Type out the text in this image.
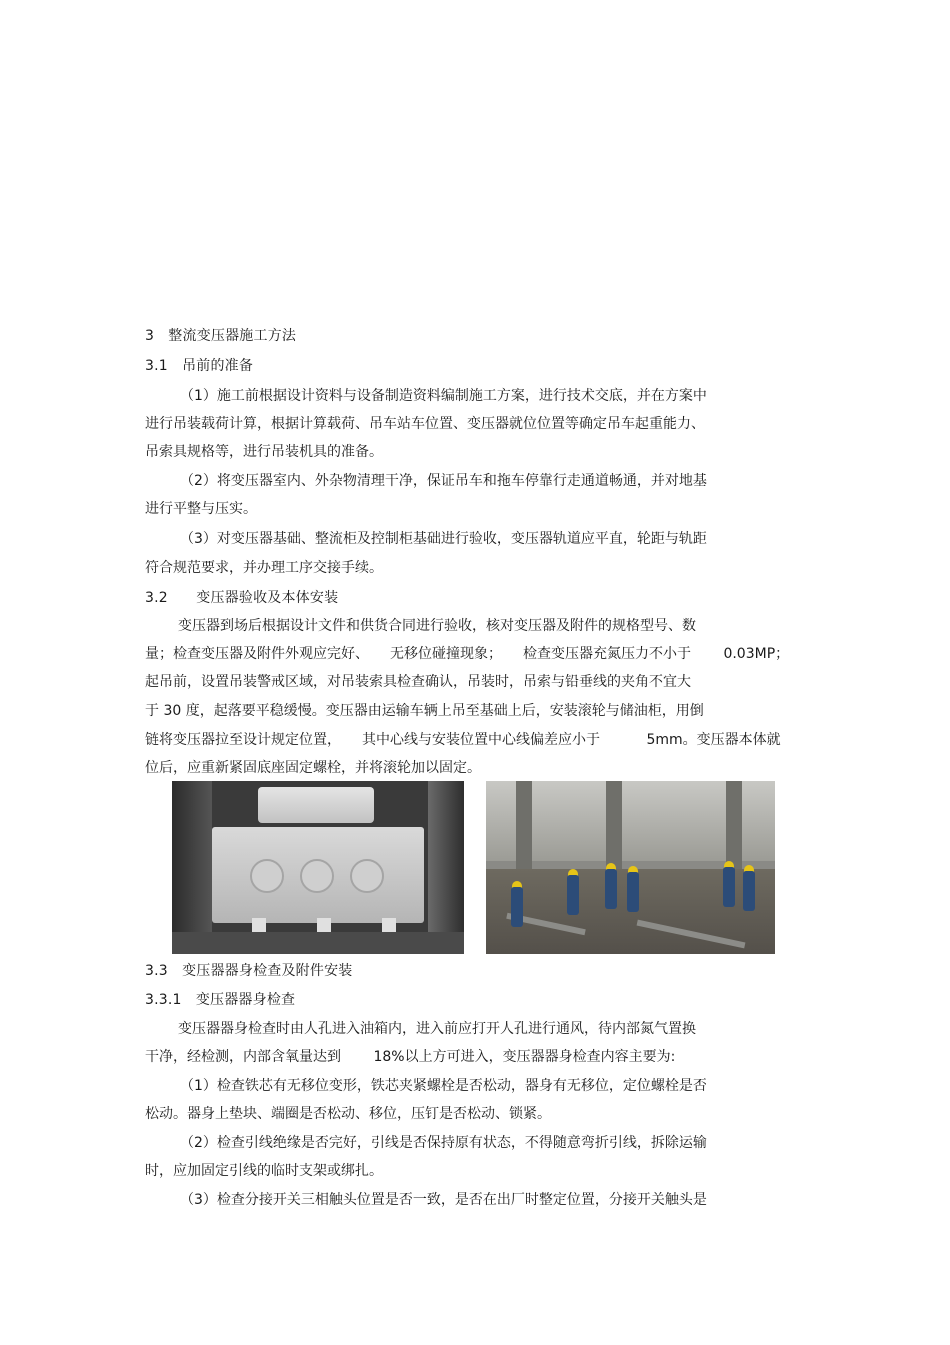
3　整流变压器施工方法
3.1　吊前的准备
（1）施工前根据设计资料与设备制造资料编制施工方案，进行技术交底，并在方案中
进行吊装载荷计算，根据计算载荷、吊车站车位置、变压器就位位置等确定吊车起重能力、
吊索具规格等，进行吊装机具的准备。
（2）将变压器室内、外杂物清理干净，保证吊车和拖车停靠行走通道畅通，并对地基
进行平整与压实。
（3）对变压器基础、整流柜及控制柜基础进行验收，变压器轨道应平直，轮距与轨距
符合规范要求，并办理工序交接手续。
3.2　　变压器验收及本体安装
变压器到场后根据设计文件和供货合同进行验收，核对变压器及附件的规格型号、数
量；检查变压器及附件外观应完好、　　无移位碰撞现象；　　检查变压器充氮压力不小于　　 0.03MP；
起吊前，设置吊装警戒区域，对吊装索具检查确认，吊装时，吊索与铅垂线的夹角不宜大
于 30 度，起落要平稳缓慢。变压器由运输车辆上吊至基础上后，安装滚轮与储油柜，用倒
链将变压器拉至设计规定位置，　　其中心线与安装位置中心线偏差应小于　　　 5mm。变压器本体就
位后，应重新紧固底座固定螺栓，并将滚轮加以固定。
3.3　变压器器身检查及附件安装
3.3.1　变压器器身检查
变压器器身检查时由人孔进入油箱内，进入前应打开人孔进行通风，待内部氮气置换
干净，经检测，内部含氧量达到　　 18%以上方可进入，变压器器身检查内容主要为:
（1）检查铁芯有无移位变形，铁芯夹紧螺栓是否松动，器身有无移位，定位螺栓是否
松动。器身上垫块、端圈是否松动、移位，压钉是否松动、锁紧。
（2）检查引线绝缘是否完好，引线是否保持原有状态，不得随意弯折引线，拆除运输
时，应加固定引线的临时支架或绑扎。
（3）检查分接开关三相触头位置是否一致，是否在出厂时整定位置，分接开关触头是
